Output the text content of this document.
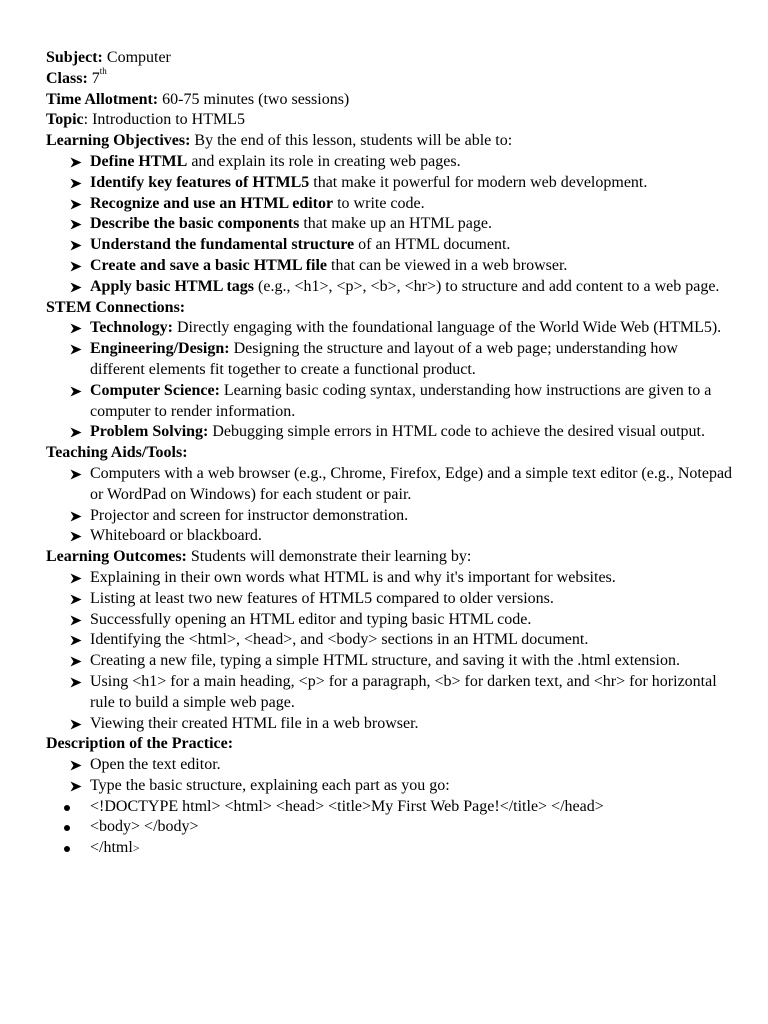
Subject: Computer

Class: 7th

Time Allotment: 60-75 minutes (two sessions)

Topic: Introduction to HTML5

Learning Objectives: By the end of this lesson, students will be able to:

Define HTML and explain its role in creating web pages.
Identify key features of HTML5 that make it powerful for modern web development.
Recognize and use an HTML editor to write code.
Describe the basic components that make up an HTML page.
Understand the fundamental structure of an HTML document.
Create and save a basic HTML file that can be viewed in a web browser.
Apply basic HTML tags (e.g., <h1>, <p>, <b>, <hr>) to structure and add content to a web page.

STEM Connections:

Technology: Directly engaging with the foundational language of the World Wide Web (HTML5).
Engineering/Design: Designing the structure and layout of a web page; understanding how different elements fit together to create a functional product.
Computer Science: Learning basic coding syntax, understanding how instructions are given to a computer to render information.
Problem Solving: Debugging simple errors in HTML code to achieve the desired visual output.

Teaching Aids/Tools:

Computers with a web browser (e.g., Chrome, Firefox, Edge) and a simple text editor (e.g., Notepad or WordPad on Windows) for each student or pair.
Projector and screen for instructor demonstration.
Whiteboard or blackboard.

Learning Outcomes: Students will demonstrate their learning by:

Explaining in their own words what HTML is and why it's important for websites.
Listing at least two new features of HTML5 compared to older versions.
Successfully opening an HTML editor and typing basic HTML code.
Identifying the <html>, <head>, and <body> sections in an HTML document.
Creating a new file, typing a simple HTML structure, and saving it with the .html extension.
Using <h1> for a main heading, <p> for a paragraph, <b> for darken text, and <hr> for horizontal rule to build a simple web page.
Viewing their created HTML file in a web browser.

Description of the Practice:

Open the text editor.
Type the basic structure, explaining each part as you go:
<!DOCTYPE html> <html> <head> <title>My First Web Page!</title> </head>
<body> </body>
</html>
